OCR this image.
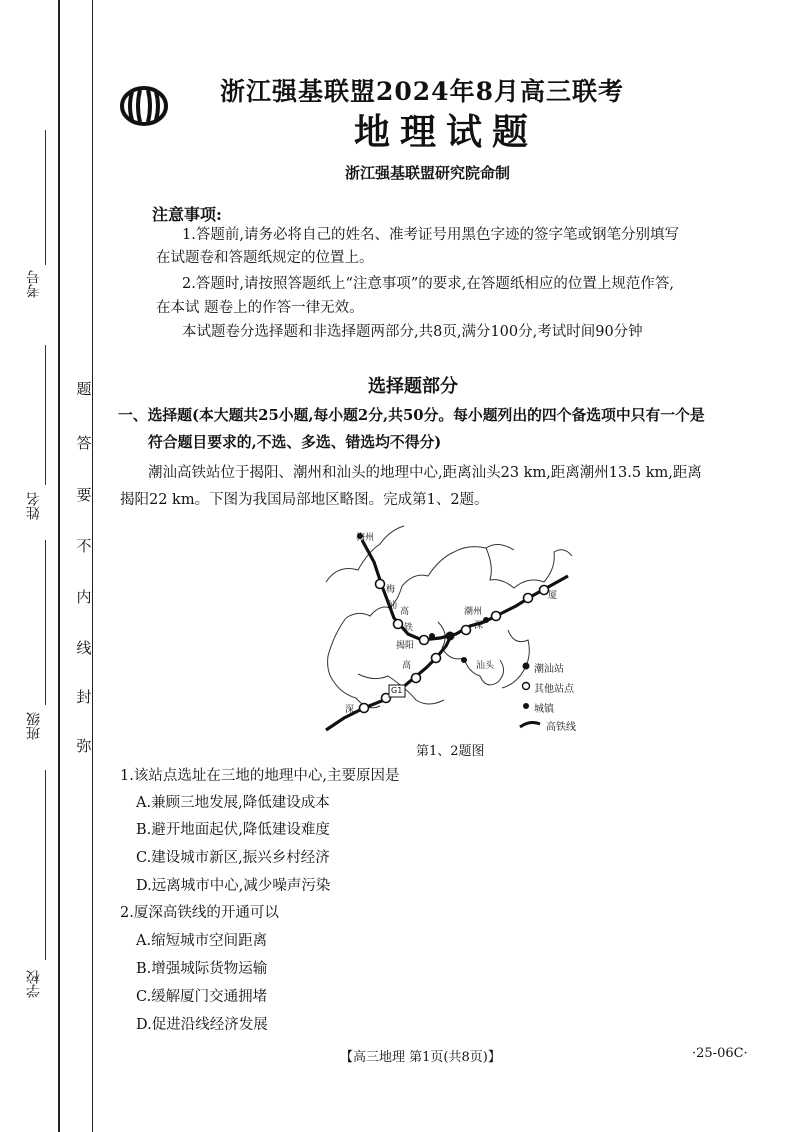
考号
姓名
班级
学校
弥
封
线
内
不
要
答
题
浙江强基联盟2024年8月高三联考
地理试题
浙江强基联盟研究院命制
注意事项:
1.答题前,请务必将自己的姓名、准考证号用黑色字迹的签字笔或钢笔分别填写
在试题卷和答题纸规定的位置上。
2.答题时,请按照答题纸上“注意事项”的要求,在答题纸相应的位置上规范作答,
在本试 题卷上的作答一律无效。
本试题卷分选择题和非选择题两部分,共8页,满分100分,考试时间90分钟
选择题部分
一、选择题(本大题共25小题,每小题2分,共50分。每小题列出的四个备选项中只有一个是
符合题目要求的,不选、多选、错选均不得分)
潮汕高铁站位于揭阳、潮州和汕头的地理中心,距离汕头23 km,距离潮州13.5 km,距离
揭阳22 km。下图为我国局部地区略图。完成第1、2题。
梅州
梅
汕
高
铁
揭阳
潮州
深
汕头
厦
高
G1
深
潮汕站
其他站点
城镇
高铁线
第1、2题图
1.该站点选址在三地的地理中心,主要原因是
A.兼顾三地发展,降低建设成本
B.避开地面起伏,降低建设难度
C.建设城市新区,振兴乡村经济
D.远离城市中心,减少噪声污染
2.厦深高铁线的开通可以
A.缩短城市空间距离
B.增强城际货物运输
C.缓解厦门交通拥堵
D.促进沿线经济发展
【高三地理 第1页(共8页)】	·25-06C·
